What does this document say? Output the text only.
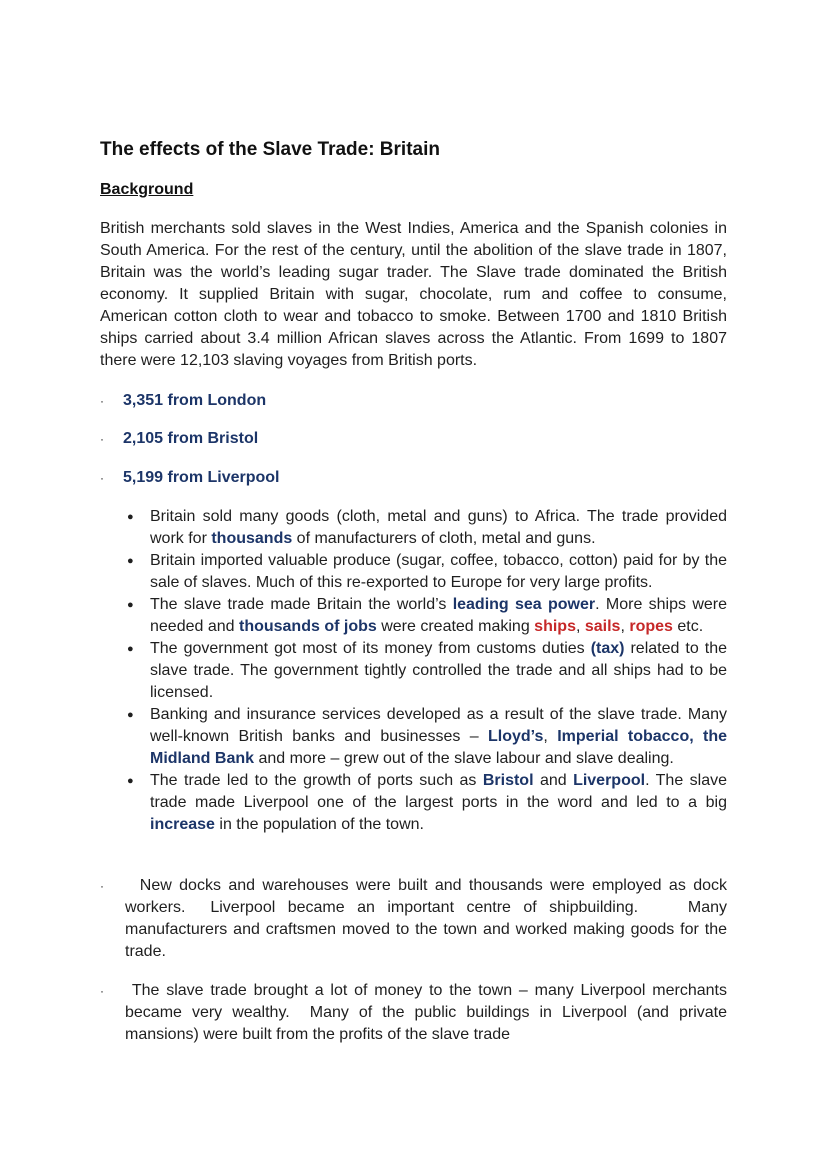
The effects of the Slave Trade: Britain
Background

British merchants sold slaves in the West Indies, America and the Spanish colonies in South America. For the rest of the century, until the abolition of the slave trade in 1807, Britain was the world’s leading sugar trader. The Slave trade dominated the British economy. It supplied Britain with sugar, chocolate, rum and coffee to consume, American cotton cloth to wear and tobacco to smoke. Between 1700 and 1810 British ships carried about 3.4 million African slaves across the Atlantic. From 1699 to 1807 there were 12,103 slaving voyages from British ports.

· 3,351 from London
· 2,105 from Bristol
· 5,199 from Liverpool
● Britain sold many goods (cloth, metal and guns) to Africa. The trade provided work for thousands of manufacturers of cloth, metal and guns.
● Britain imported valuable produce (sugar, coffee, tobacco, cotton) paid for by the sale of slaves. Much of this re-exported to Europe for very large profits.
● The slave trade made Britain the world’s leading sea power. More ships were needed and thousands of jobs were created making ships, sails, ropes etc.
● The government got most of its money from customs duties (tax) related to the slave trade. The government tightly controlled the trade and all ships had to be licensed.
● Banking and insurance services developed as a result of the slave trade. Many well-known British banks and businesses – Lloyd’s, Imperial tobacco, the Midland Bank and more – grew out of the slave labour and slave dealing.
● The trade led to the growth of ports such as Bristol and Liverpool. The slave trade made Liverpool one of the largest ports in the word and led to a big increase in the population of the town.
· New docks and warehouses were built and thousands were employed as dock workers.  Liverpool became an important centre of shipbuilding.    Many manufacturers and craftsmen moved to the town and worked making goods for the trade.
· The slave trade brought a lot of money to the town – many Liverpool merchants became very wealthy.  Many of the public buildings in Liverpool (and private mansions) were built from the profits of the slave trade
